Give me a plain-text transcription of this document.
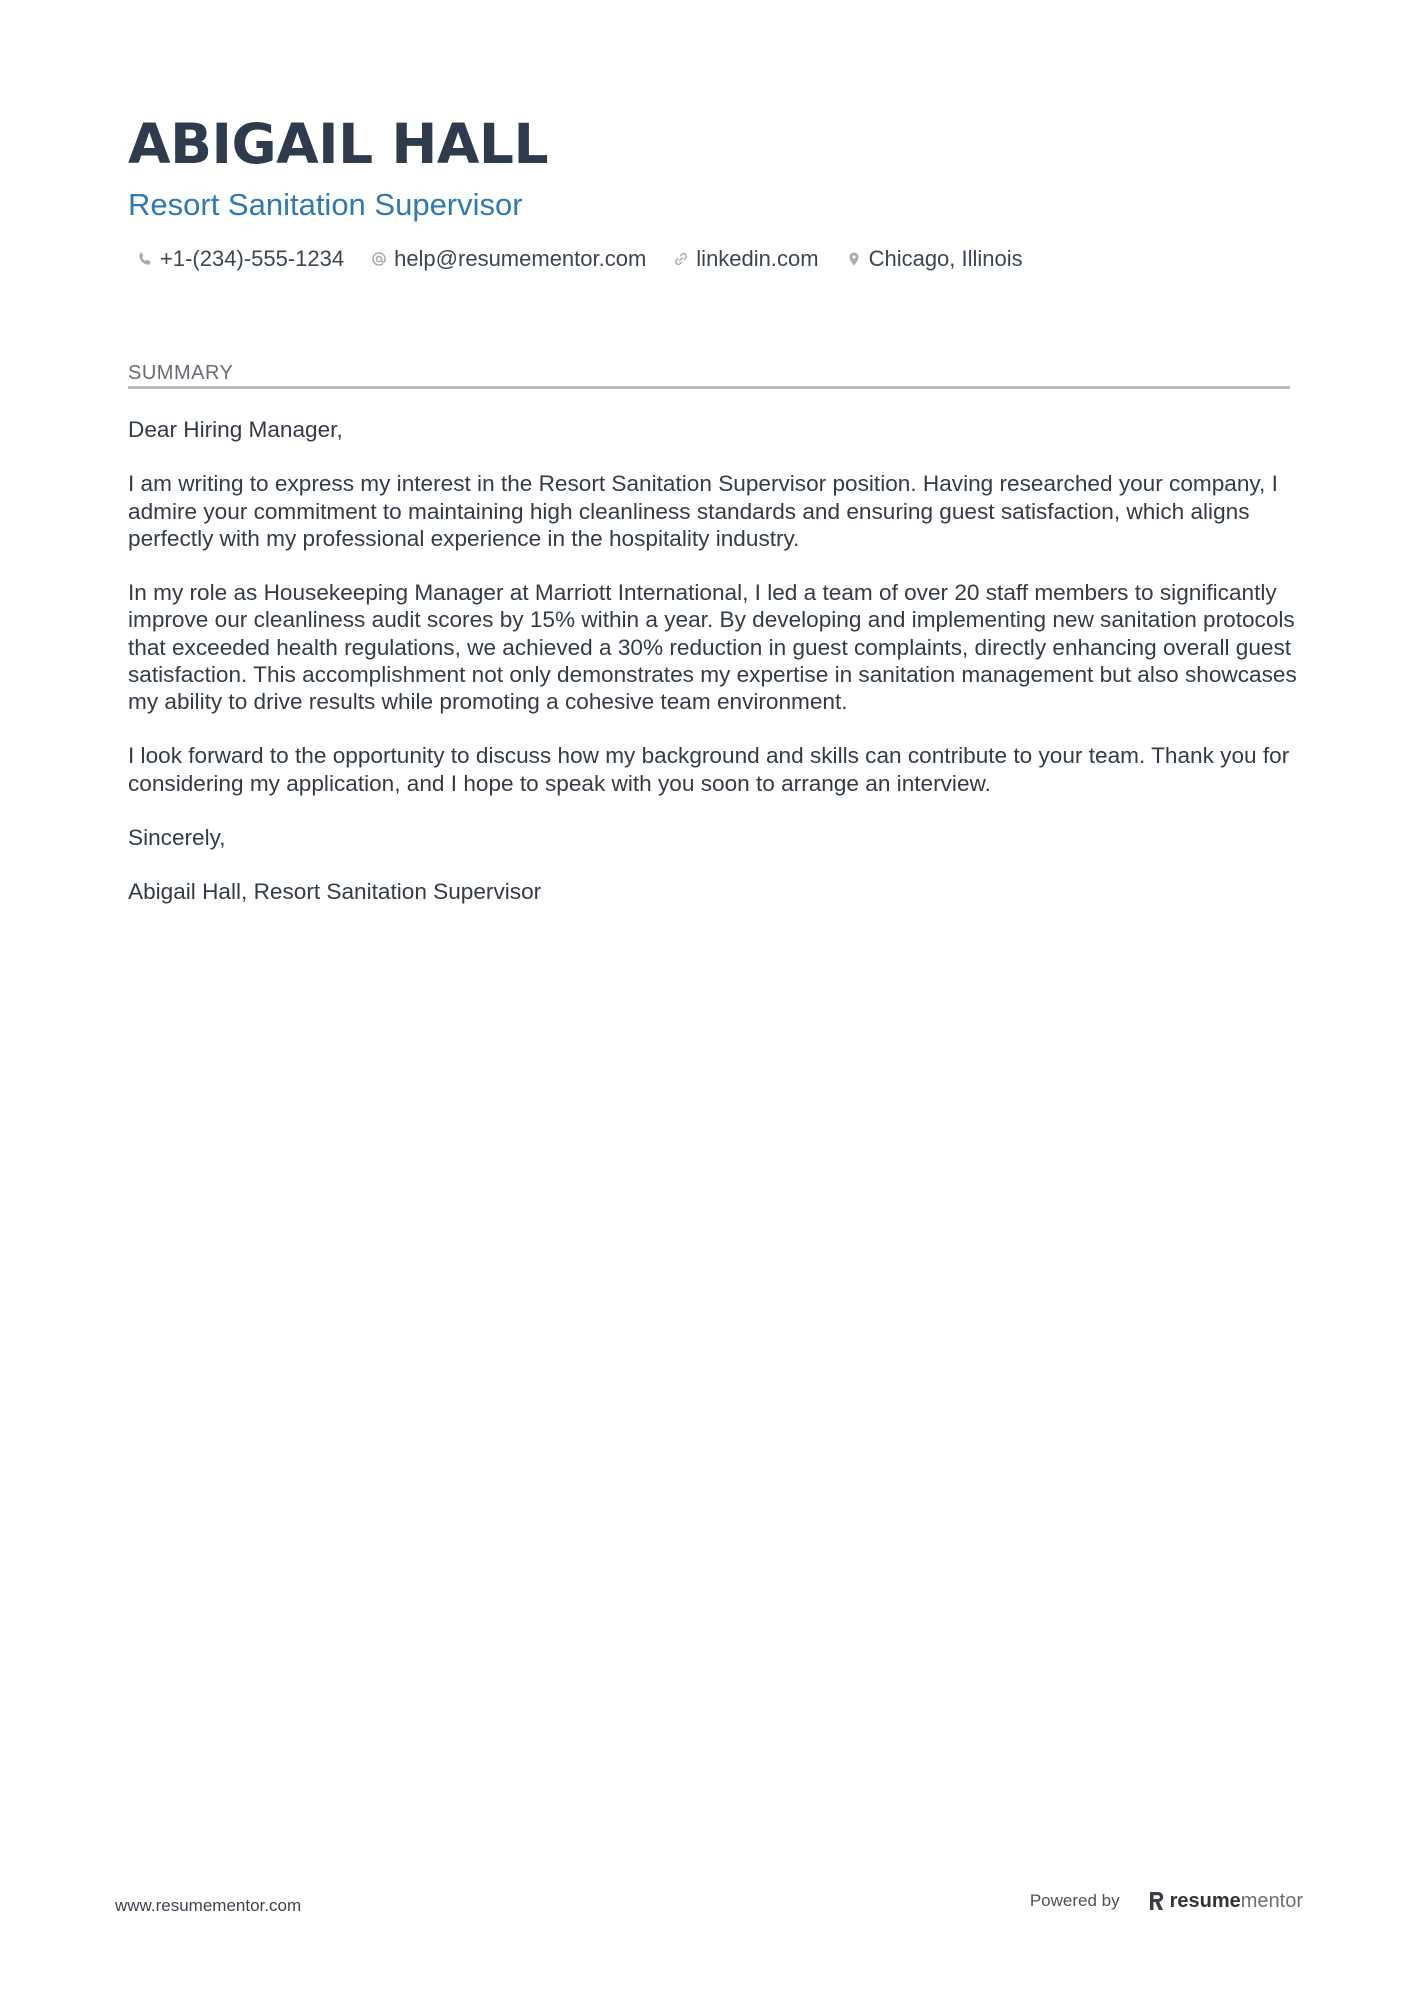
ABIGAIL HALL
Resort Sanitation Supervisor
+1-(234)-555-1234 help@resumementor.com linkedin.com Chicago, Illinois
SUMMARY

Dear Hiring Manager,

I am writing to express my interest in the Resort Sanitation Supervisor position. Having researched your company, I admire your commitment to maintaining high cleanliness standards and ensuring guest satisfaction, which aligns perfectly with my professional experience in the hospitality industry.

In my role as Housekeeping Manager at Marriott International, I led a team of over 20 staff members to significantly improve our cleanliness audit scores by 15% within a year. By developing and implementing new sanitation protocols that exceeded health regulations, we achieved a 30% reduction in guest complaints, directly enhancing overall guest satisfaction. This accomplishment not only demonstrates my expertise in sanitation management but also showcases my ability to drive results while promoting a cohesive team environment.

I look forward to the opportunity to discuss how my background and skills can contribute to your team. Thank you for considering my application, and I hope to speak with you soon to arrange an interview.

Sincerely,

Abigail Hall, Resort Sanitation Supervisor

www.resumementor.com	Powered by	resume mentor
